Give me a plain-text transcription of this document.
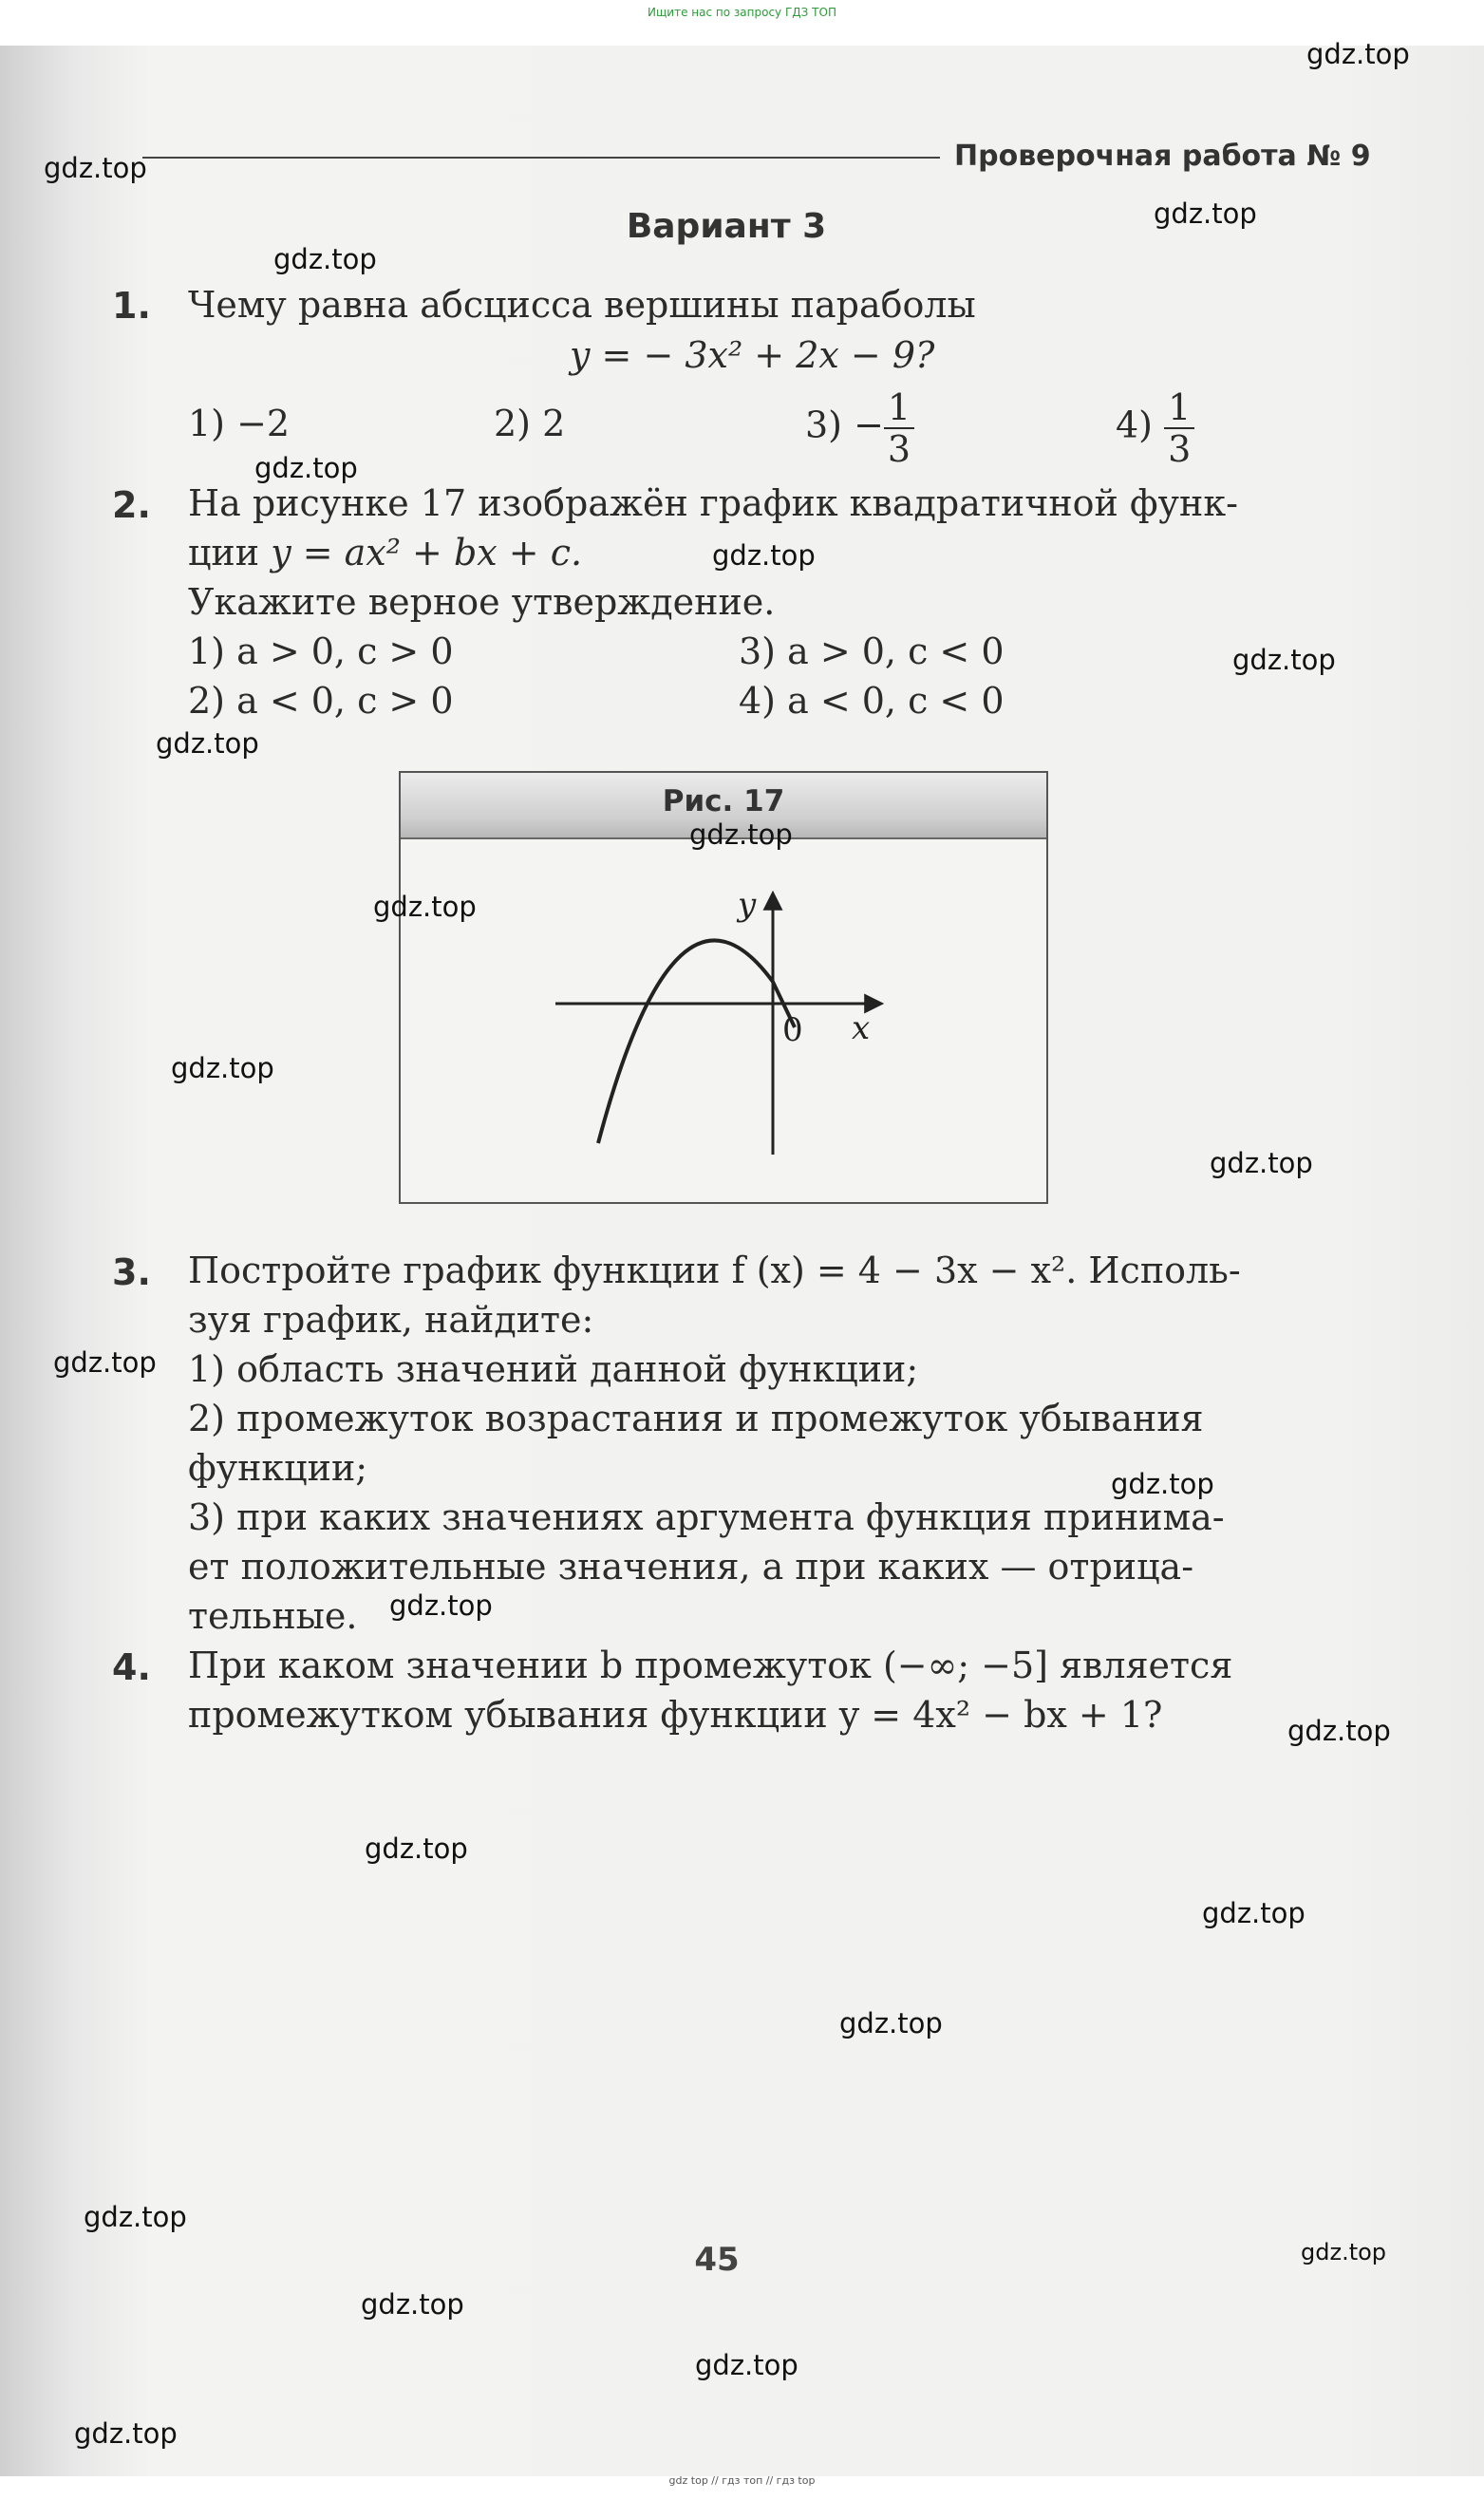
Ищите нас по запросу ГДЗ ТОП
Проверочная работа № 9
Вариант 3
1. Чему равна абсцисса вершины параболы
y = − 3x² + 2x − 9?
1) −2	2) 2	$3) - \frac{1}{3}$	$4) \frac{1}{3}$
2. На рисунке 17 изображён график квадратичной функ-
ции y = ax² + bx + c.
Укажите верное утверждение.
1) a > 0, c > 0	3) a > 0, c < 0
2) a < 0, c > 0	4) a < 0, c < 0
Рис. 17
y
x
0
3. Постройте график функции f (x) = 4 − 3x − x². Исполь-
зуя график, найдите:
1) область значений данной функции;
2) промежуток возрастания и промежуток убывания
функции;
3) при каких значениях аргумента функция принима-
ет положительные значения, а при каких — отрица-
тельные.
4. При каком значении b промежуток (−∞; −5] является
промежутком убывания функции y = 4x² − bx + 1?
45
gdz.top
gdz.top
gdz.top
gdz.top
gdz.top
gdz.top
gdz.top
gdz.top
gdz.top
gdz.top
gdz.top
gdz.top
gdz.top
gdz.top
gdz.top
gdz.top
gdz.top
gdz.top
gdz.top
gdz.top
gdz.top
gdz.top
gdz.top
gdz.top
gdz top // гдз топ // гдз top
